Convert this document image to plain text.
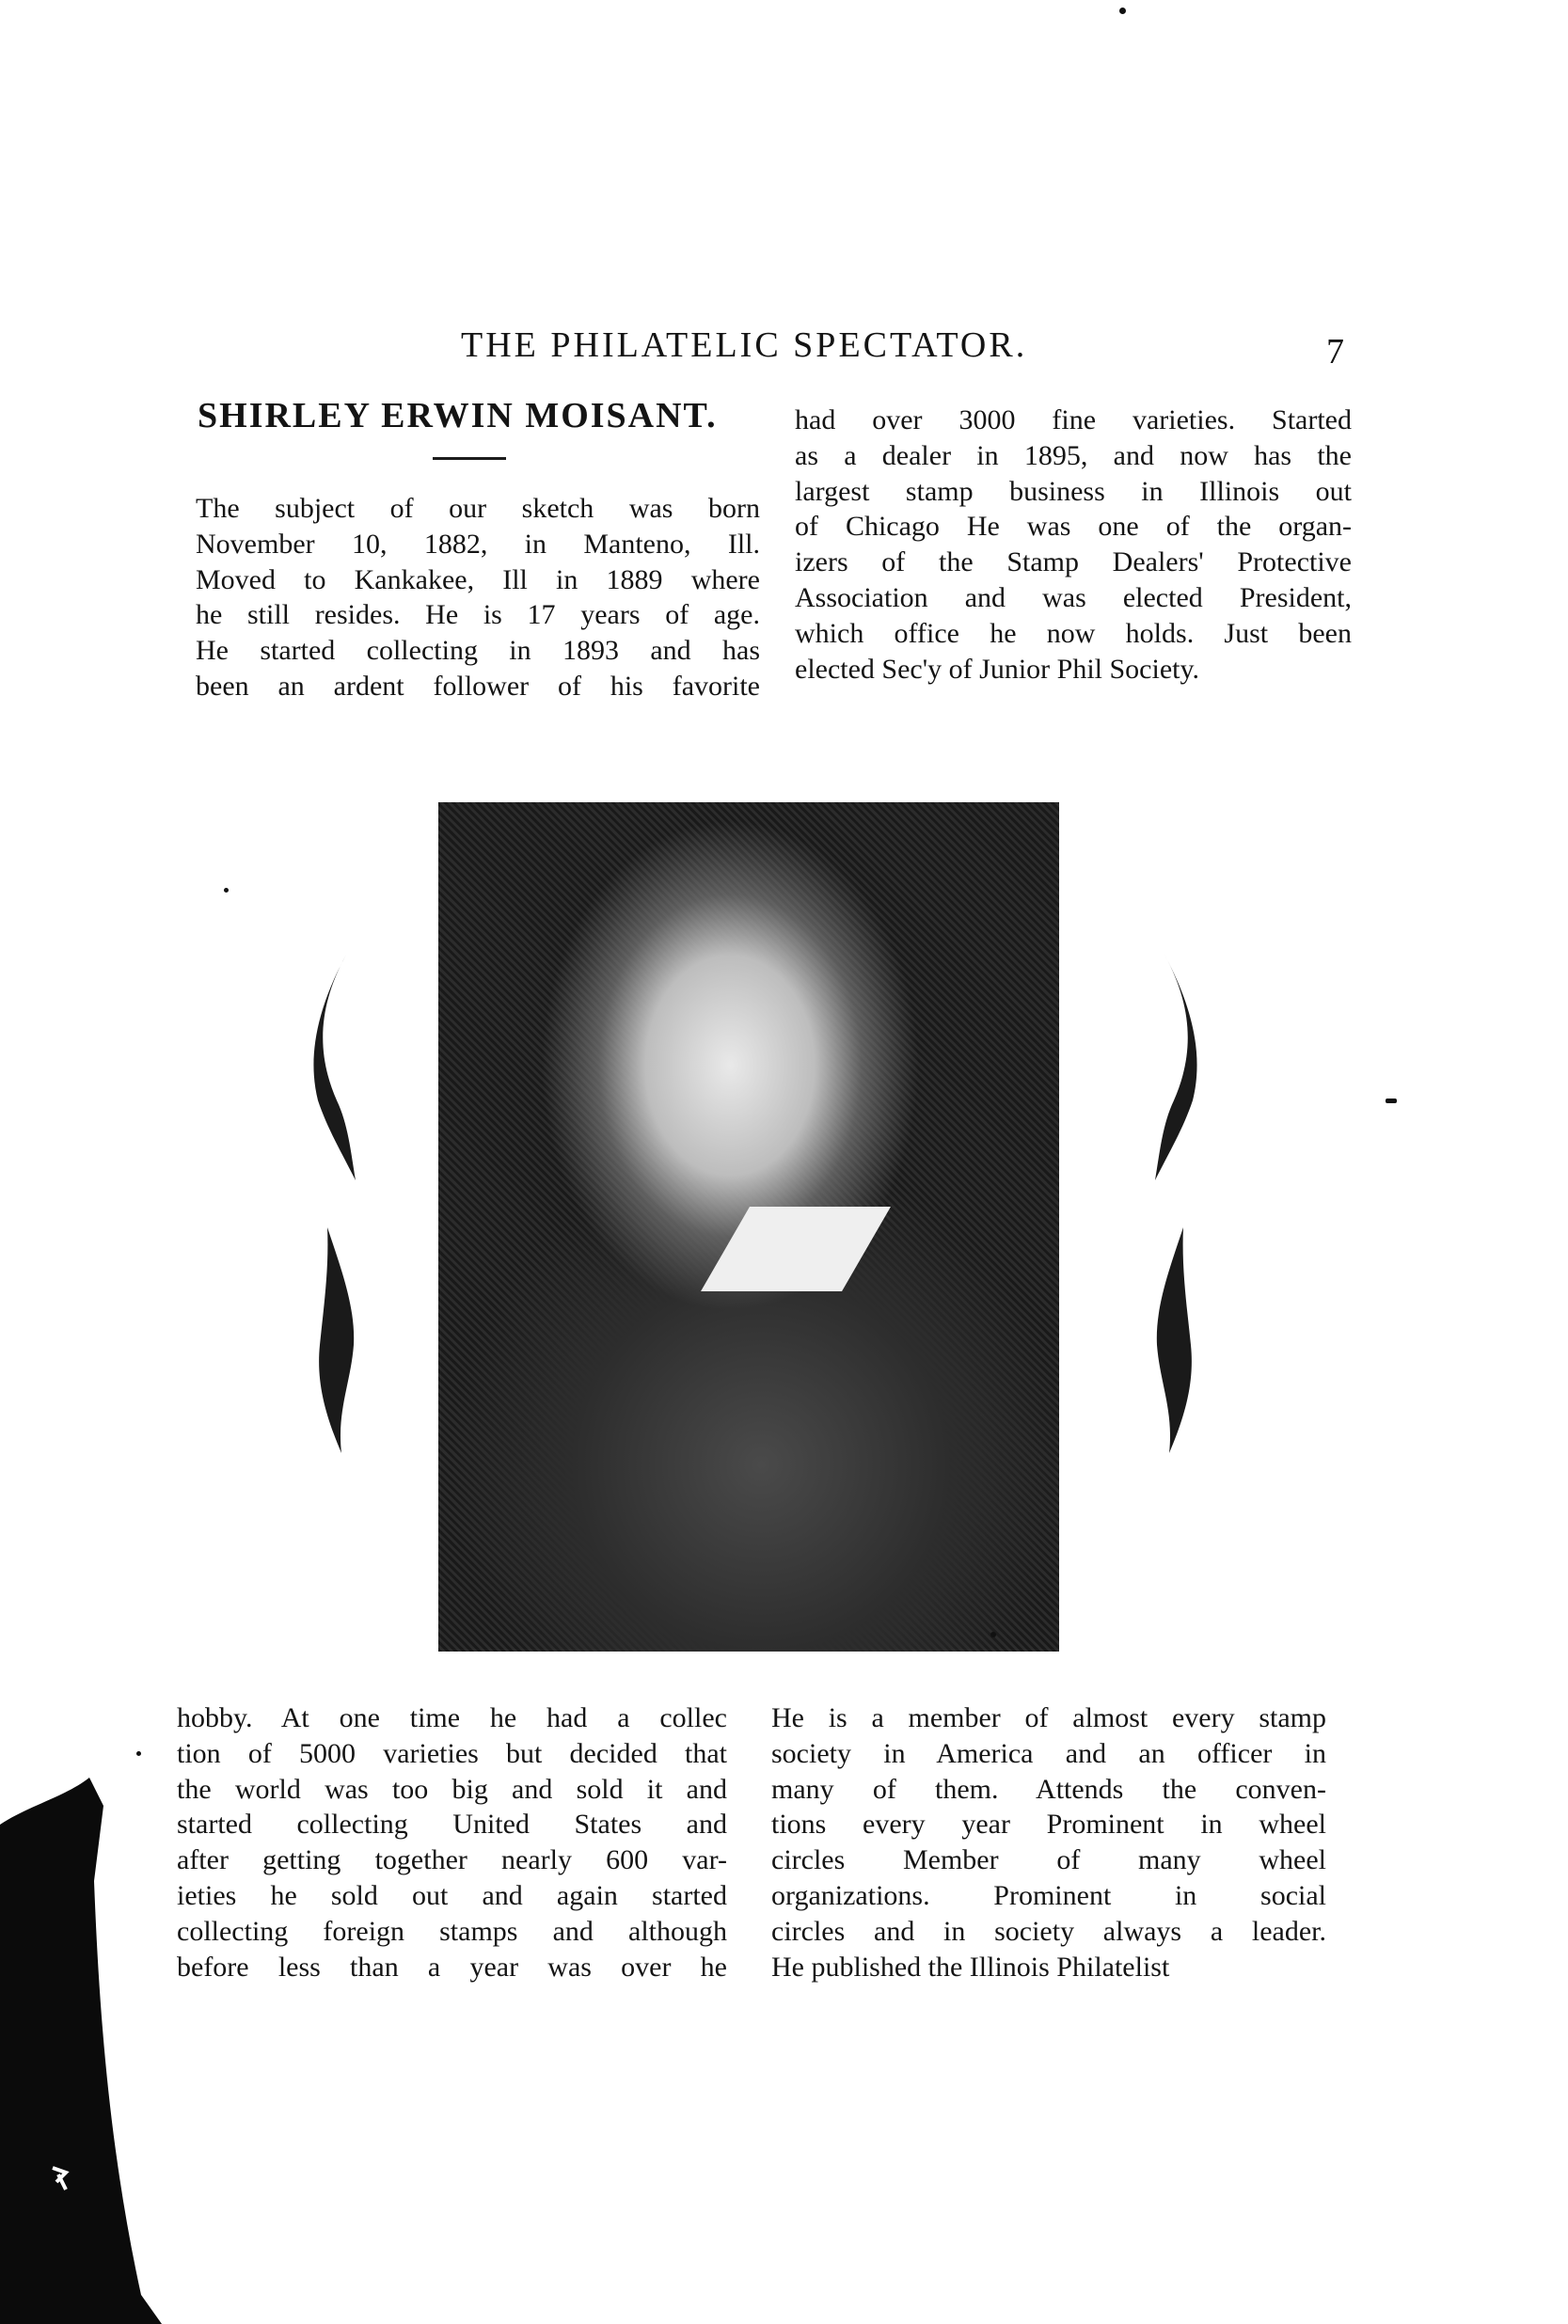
THE PHILATELIC SPECTATOR.	7
SHIRLEY ERWIN MOISANT.
The subject of our sketch was born
November 10, 1882, in Manteno, Ill.
Moved to Kankakee, Ill in 1889 where
he still resides. He is 17 years of age.
He started collecting in 1893 and has
been an ardent follower of his favorite
had over 3000 fine varieties. Started
as a dealer in 1895, and now has the
largest stamp business in Illinois out
of Chicago He was one of the organ-
izers of the Stamp Dealers' Protective
Association and was elected President,
which office he now holds. Just been
elected Sec'y of Junior Phil Society.
hobby. At one time he had a collec
tion of 5000 varieties but decided that
the world was too big and sold it and
started collecting United States and
after getting together nearly 600 var-
ieties he sold out and again started
collecting foreign stamps and although
before less than a year was over he
He is a member of almost every stamp
society in America and an officer in
many of them. Attends the conven-
tions every year Prominent in wheel
circles Member of many wheel
organizations. Prominent in social
circles and in society always a leader.
He published the Illinois Philatelist
